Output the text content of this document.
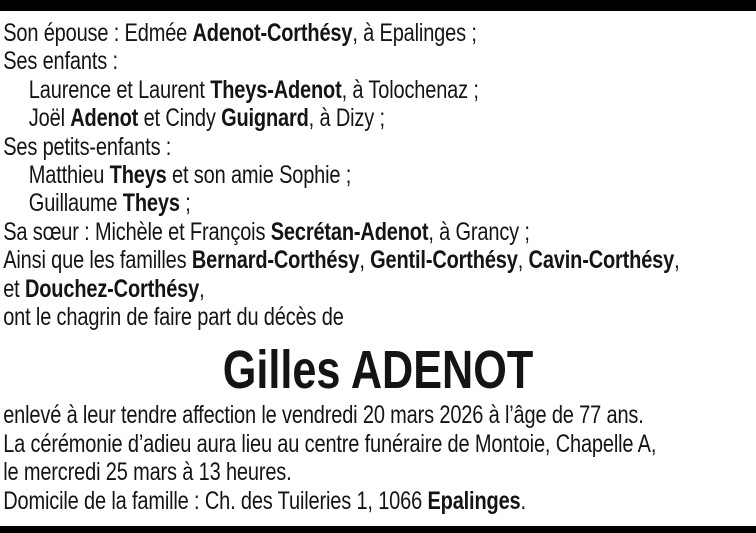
Son épouse : Edmée Adenot-Corthésy, à Epalinges ;
Ses enfants :
Laurence et Laurent Theys-Adenot, à Tolochenaz ;
Joël Adenot et Cindy Guignard, à Dizy ;
Ses petits-enfants :
Matthieu Theys et son amie Sophie ;
Guillaume Theys ;
Sa sœur : Michèle et François Secrétan-Adenot, à Grancy ;
Ainsi que les familles Bernard-Corthésy, Gentil-Corthésy, Cavin-Corthésy,
et Douchez-Corthésy,
ont le chagrin de faire part du décès de
Gilles ADENOT
enlevé à leur tendre affection le vendredi 20 mars 2026 à l’âge de 77 ans.
La cérémonie d’adieu aura lieu au centre funéraire de Montoie, Chapelle A,
le mercredi 25 mars à 13 heures.
Domicile de la famille : Ch. des Tuileries 1, 1066 Epalinges.
